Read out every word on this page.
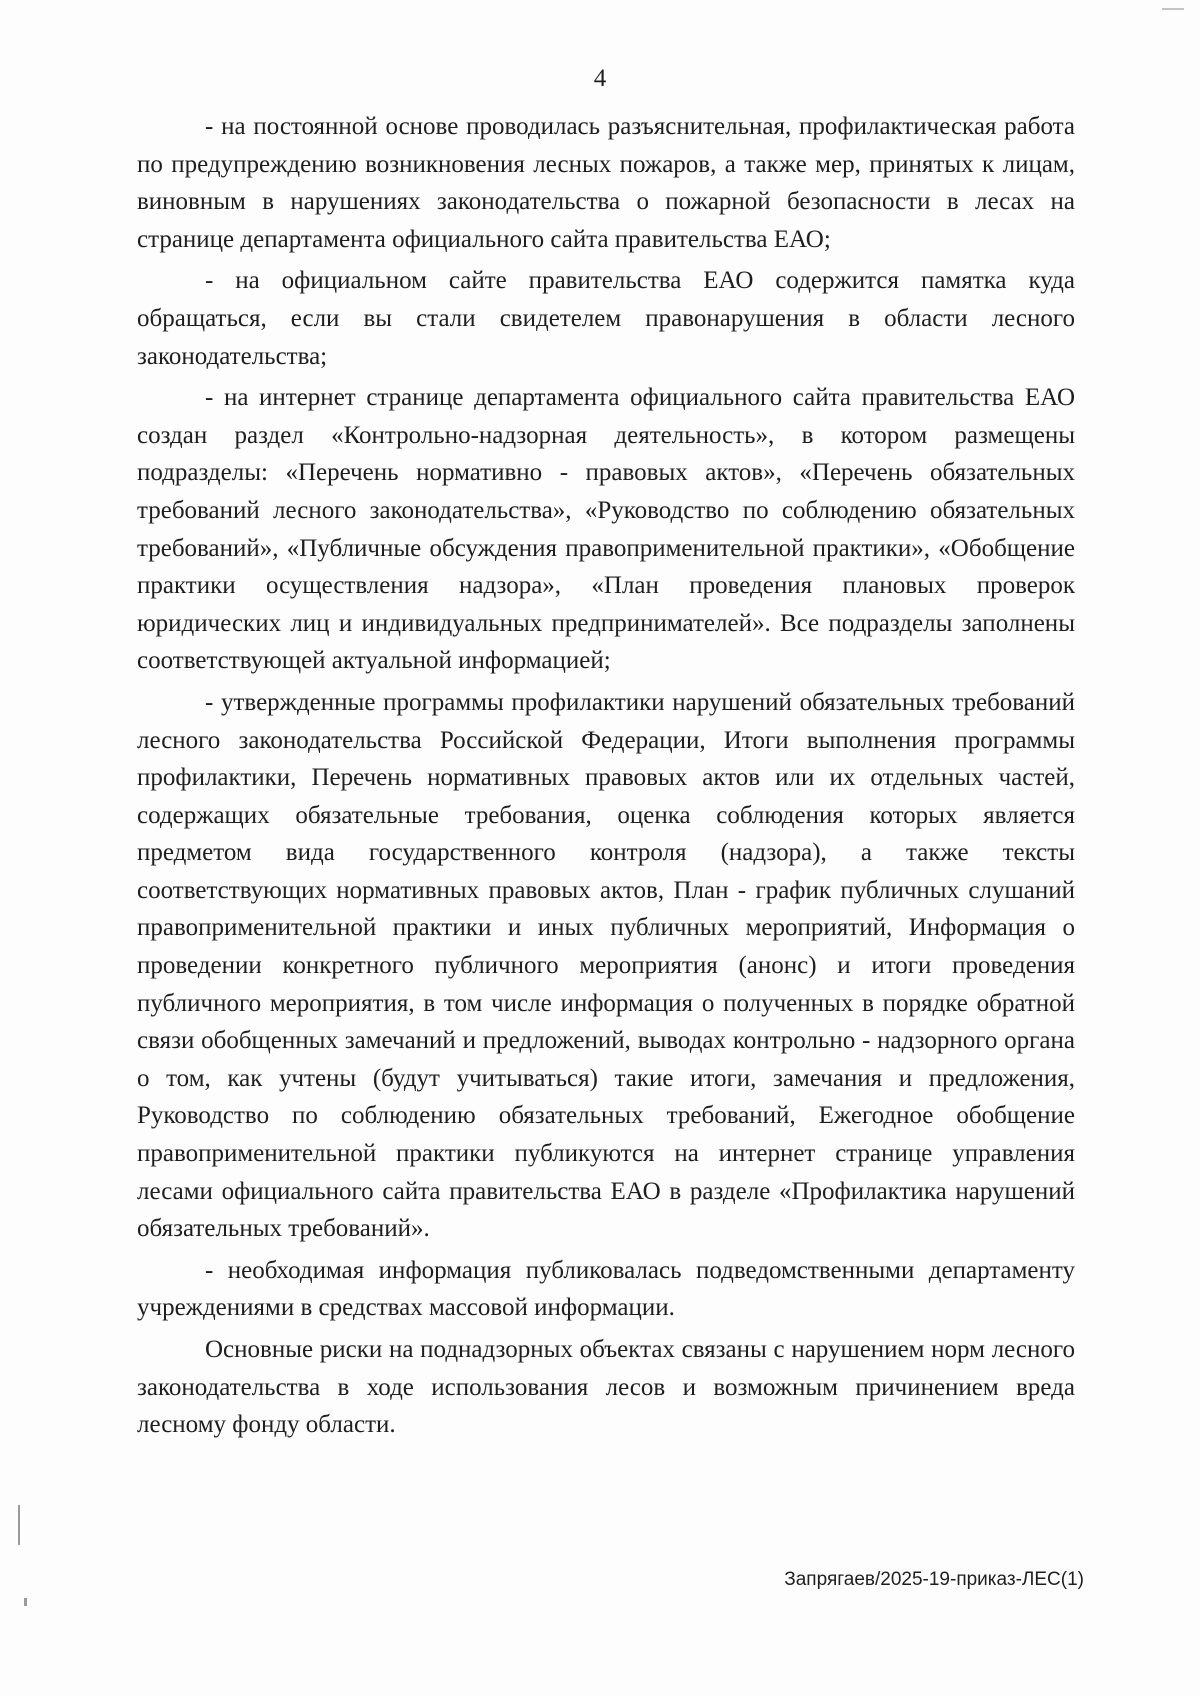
4

- на постоянной основе проводилась разъяснительная, профилактическая работа по предупреждению возникновения лесных пожаров, а также мер, принятых к лицам, виновным в нарушениях законодательства о пожарной безопасности в лесах на странице департамента официального сайта правительства ЕАО;

- на официальном сайте правительства ЕАО содержится памятка куда обращаться, если вы стали свидетелем правонарушения в области лесного законодательства;

- на интернет странице департамента официального сайта правительства ЕАО создан раздел «Контрольно-надзорная деятельность», в котором размещены подразделы: «Перечень нормативно - правовых актов», «Перечень обязательных требований лесного законодательства», «Руководство по соблюдению обязательных требований», «Публичные обсуждения правоприменительной практики», «Обобщение практики осуществления надзора», «План проведения плановых проверок юридических лиц и индивидуальных предпринимателей». Все подразделы заполнены соответствующей актуальной информацией;

- утвержденные программы профилактики нарушений обязательных требований лесного законодательства Российской Федерации, Итоги выполнения программы профилактики, Перечень нормативных правовых актов или их отдельных частей, содержащих обязательные требования, оценка соблюдения которых является предметом вида государственного контроля (надзора), а также тексты соответствующих нормативных правовых актов, План - график публичных слушаний правоприменительной практики и иных публичных мероприятий, Информация о проведении конкретного публичного мероприятия (анонс) и итоги проведения публичного мероприятия, в том числе информация о полученных в порядке обратной связи обобщенных замечаний и предложений, выводах контрольно - надзорного органа о том, как учтены (будут учитываться) такие итоги, замечания и предложения, Руководство по соблюдению обязательных требований, Ежегодное обобщение правоприменительной практики публикуются на интернет странице управления лесами официального сайта правительства ЕАО в разделе «Профилактика нарушений обязательных требований».

- необходимая информация публиковалась подведомственными департаменту учреждениями в средствах массовой информации.

Основные риски на поднадзорных объектах связаны с нарушением норм лесного законодательства в ходе использования лесов и возможным причинением вреда лесному фонду области.

Запрягаев/2025-19-приказ-ЛЕС(1)
